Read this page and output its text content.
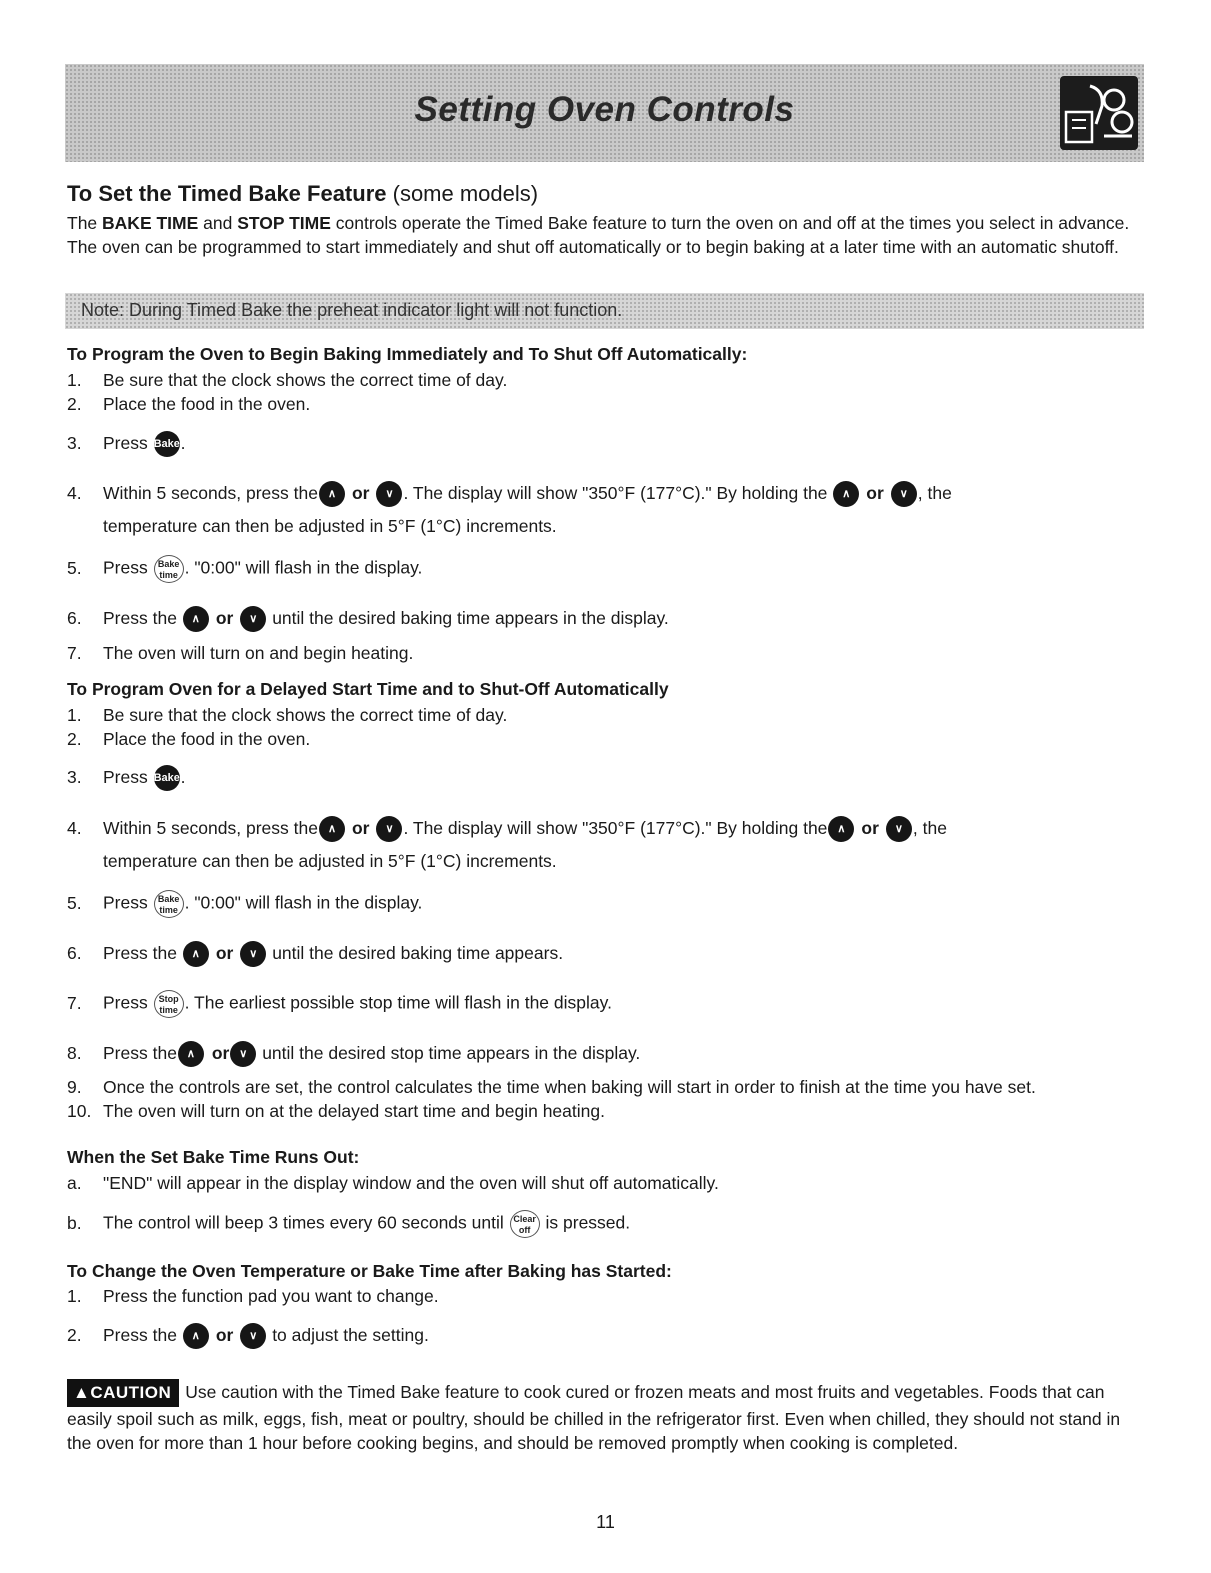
Setting Oven Controls
To Set the Timed Bake Feature (some models)
The BAKE TIME and STOP TIME controls operate the Timed Bake feature to turn the oven on and off at the times you select in advance. The oven can be programmed to start immediately and shut off automatically or to begin baking at a later time with an automatic shutoff.
Note: During Timed Bake the preheat indicator light will not function.
To Program the Oven to Begin Baking Immediately and To Shut Off Automatically:
1. Be sure that the clock shows the correct time of day.
2. Place the food in the oven.
3. Press Bake.
4. Within 5 seconds, press the ∧ or ∨ . The display will show "350°F (177°C)." By holding the ∧ or ∨ , the
temperature can then be adjusted in 5°F (1°C) increments.
5. Press Bake
time . "0:00" will flash in the display.
6. Press the ∧ or ∨ until the desired baking time appears in the display.
7. The oven will turn on and begin heating.
To Program Oven for a Delayed Start Time and to Shut-Off Automatically
1. Be sure that the clock shows the correct time of day.
2. Place the food in the oven.
3. Press Bake.
4. Within 5 seconds, press the ∧ or ∨ . The display will show "350°F (177°C)." By holding the ∧ or ∨ , the
temperature can then be adjusted in 5°F (1°C) increments.
5. Press Bake
time . "0:00" will flash in the display.
6. Press the ∧ or ∨ until the desired baking time appears.
7. Press Stop
time . The earliest possible stop time will flash in the display.
8. Press the ∧ or ∨ until the desired stop time appears in the display.
9. Once the controls are set, the control calculates the time when baking will start in order to finish at the time you have set.
10. The oven will turn on at the delayed start time and begin heating.
When the Set Bake Time Runs Out:
a. "END" will appear in the display window and the oven will shut off automatically.
b. The control will beep 3 times every 60 seconds until Clear
off is pressed.
To Change the Oven Temperature or Bake Time after Baking has Started:
1. Press the function pad you want to change.
2. Press the ∧ or ∨ to adjust the setting.
▲CAUTION Use caution with the Timed Bake feature to cook cured or frozen meats and most fruits and vegetables. Foods that can easily spoil such as milk, eggs, fish, meat or poultry, should be chilled in the refrigerator first. Even when chilled, they should not stand in the oven for more than 1 hour before cooking begins, and should be removed promptly when cooking is completed.
11
